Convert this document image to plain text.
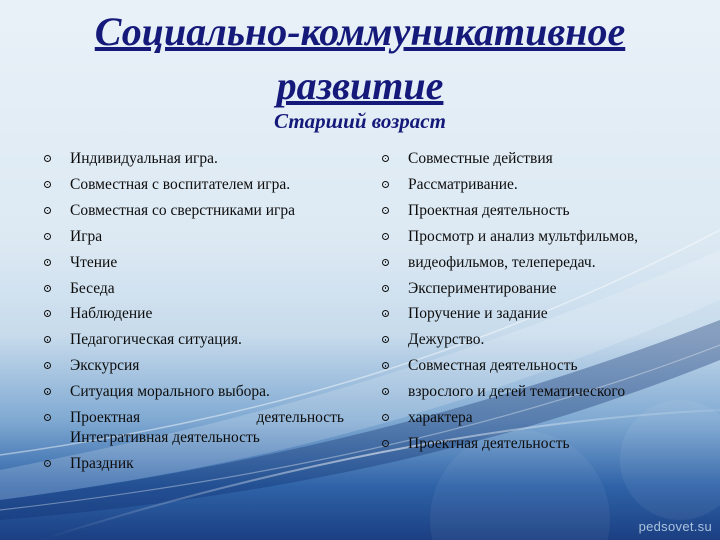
Социально-коммуникативное
развитие
Старший возраст
Индивидуальная игра.
Совместная с воспитателем игра.
Совместная со сверстниками игра
Игра
Чтение
Беседа
Наблюдение
Педагогическая ситуация.
Экскурсия
Ситуация морального выбора.
Проектная	деятельность
Интегративная деятельность
Праздник
Совместные действия
Рассматривание.
Проектная деятельность
Просмотр и анализ мультфильмов,
видеофильмов, телепередач.
Экспериментирование
Поручение и задание
Дежурство.
Совместная деятельность
взрослого и детей тематического
характера
Проектная деятельность
pedsovet.su
